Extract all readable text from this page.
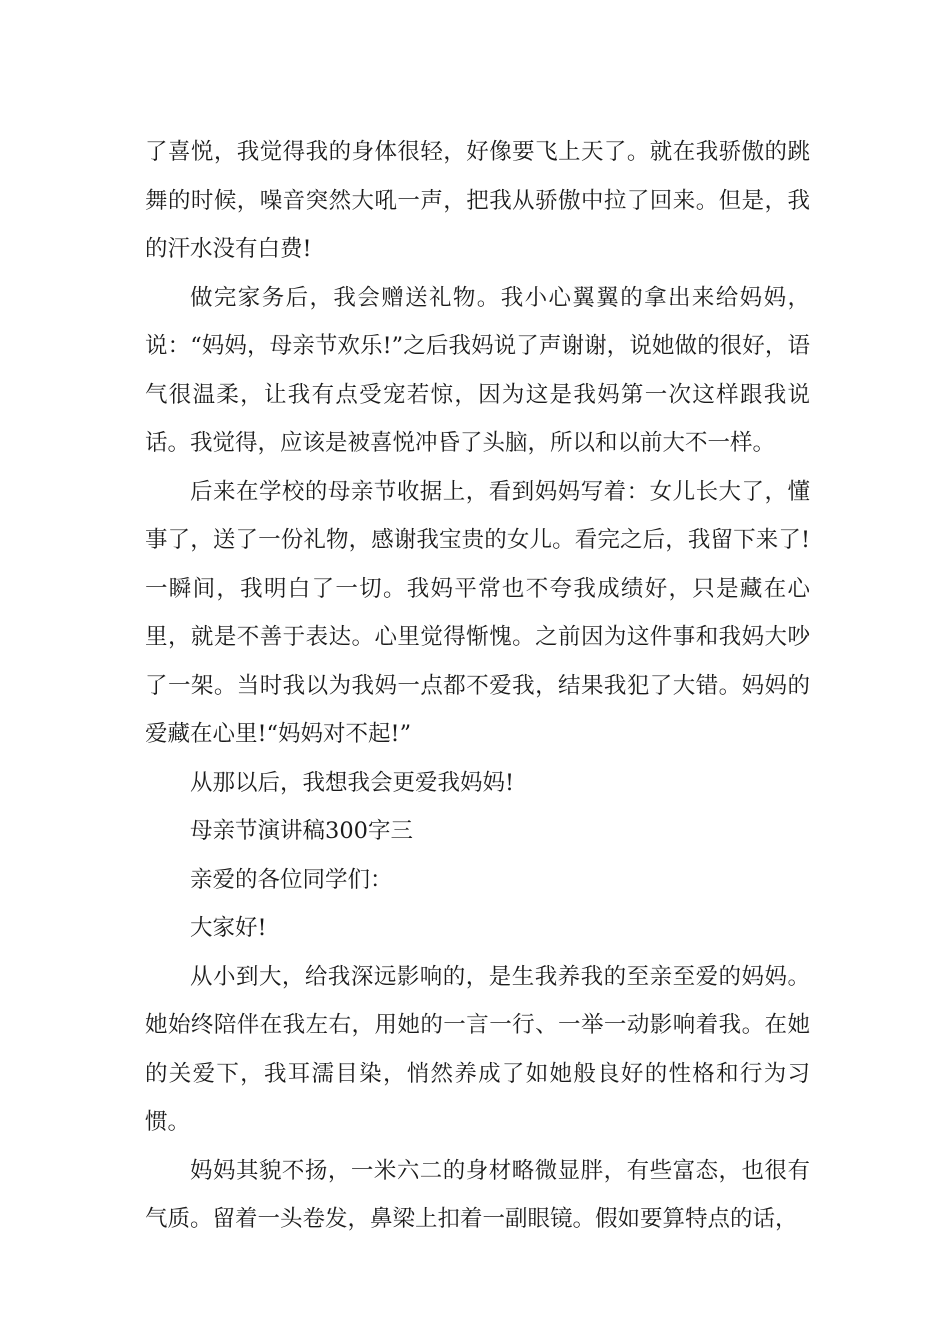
了喜悦，我觉得我的身体很轻，好像要飞上天了。就在我骄傲的跳舞的时候，噪音突然大吼一声，把我从骄傲中拉了回来。但是，我的汗水没有白费!

做完家务后，我会赠送礼物。我小心翼翼的拿出来给妈妈，说：“妈妈，母亲节欢乐!”之后我妈说了声谢谢，说她做的很好，语气很温柔，让我有点受宠若惊，因为这是我妈第一次这样跟我说话。我觉得，应该是被喜悦冲昏了头脑，所以和以前大不一样。

后来在学校的母亲节收据上，看到妈妈写着：女儿长大了，懂事了，送了一份礼物，感谢我宝贵的女儿。看完之后，我留下来了!一瞬间，我明白了一切。我妈平常也不夸我成绩好，只是藏在心里，就是不善于表达。心里觉得惭愧。之前因为这件事和我妈大吵了一架。当时我以为我妈一点都不爱我，结果我犯了大错。妈妈的爱藏在心里!“妈妈对不起!”

从那以后，我想我会更爱我妈妈!

母亲节演讲稿300字三

亲爱的各位同学们：

大家好!

从小到大，给我深远影响的，是生我养我的至亲至爱的妈妈。她始终陪伴在我左右，用她的一言一行、一举一动影响着我。在她的关爱下，我耳濡目染，悄然养成了如她般良好的性格和行为习惯。

妈妈其貌不扬，一米六二的身材略微显胖，有些富态，也很有气质。留着一头卷发，鼻梁上扣着一副眼镜。假如要算特点的话，
